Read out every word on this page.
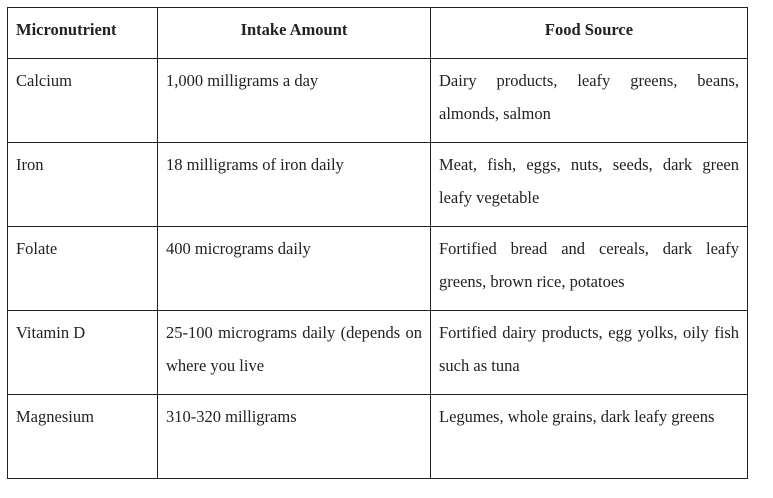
Micronutrient	Intake Amount	Food Source
Calcium	1,000 milligrams a day	Dairy products, leafy greens, beans, almonds, salmon
Iron	18 milligrams of iron daily	Meat, fish, eggs, nuts, seeds, dark green leafy vegetable
Folate	400 micrograms daily	Fortified bread and cereals, dark leafy greens, brown rice, potatoes
Vitamin D	25-100 micrograms daily (depends on where you live	Fortified dairy products, egg yolks, oily fish such as tuna
Magnesium	310-320 milligrams	Legumes, whole grains, dark leafy greens
